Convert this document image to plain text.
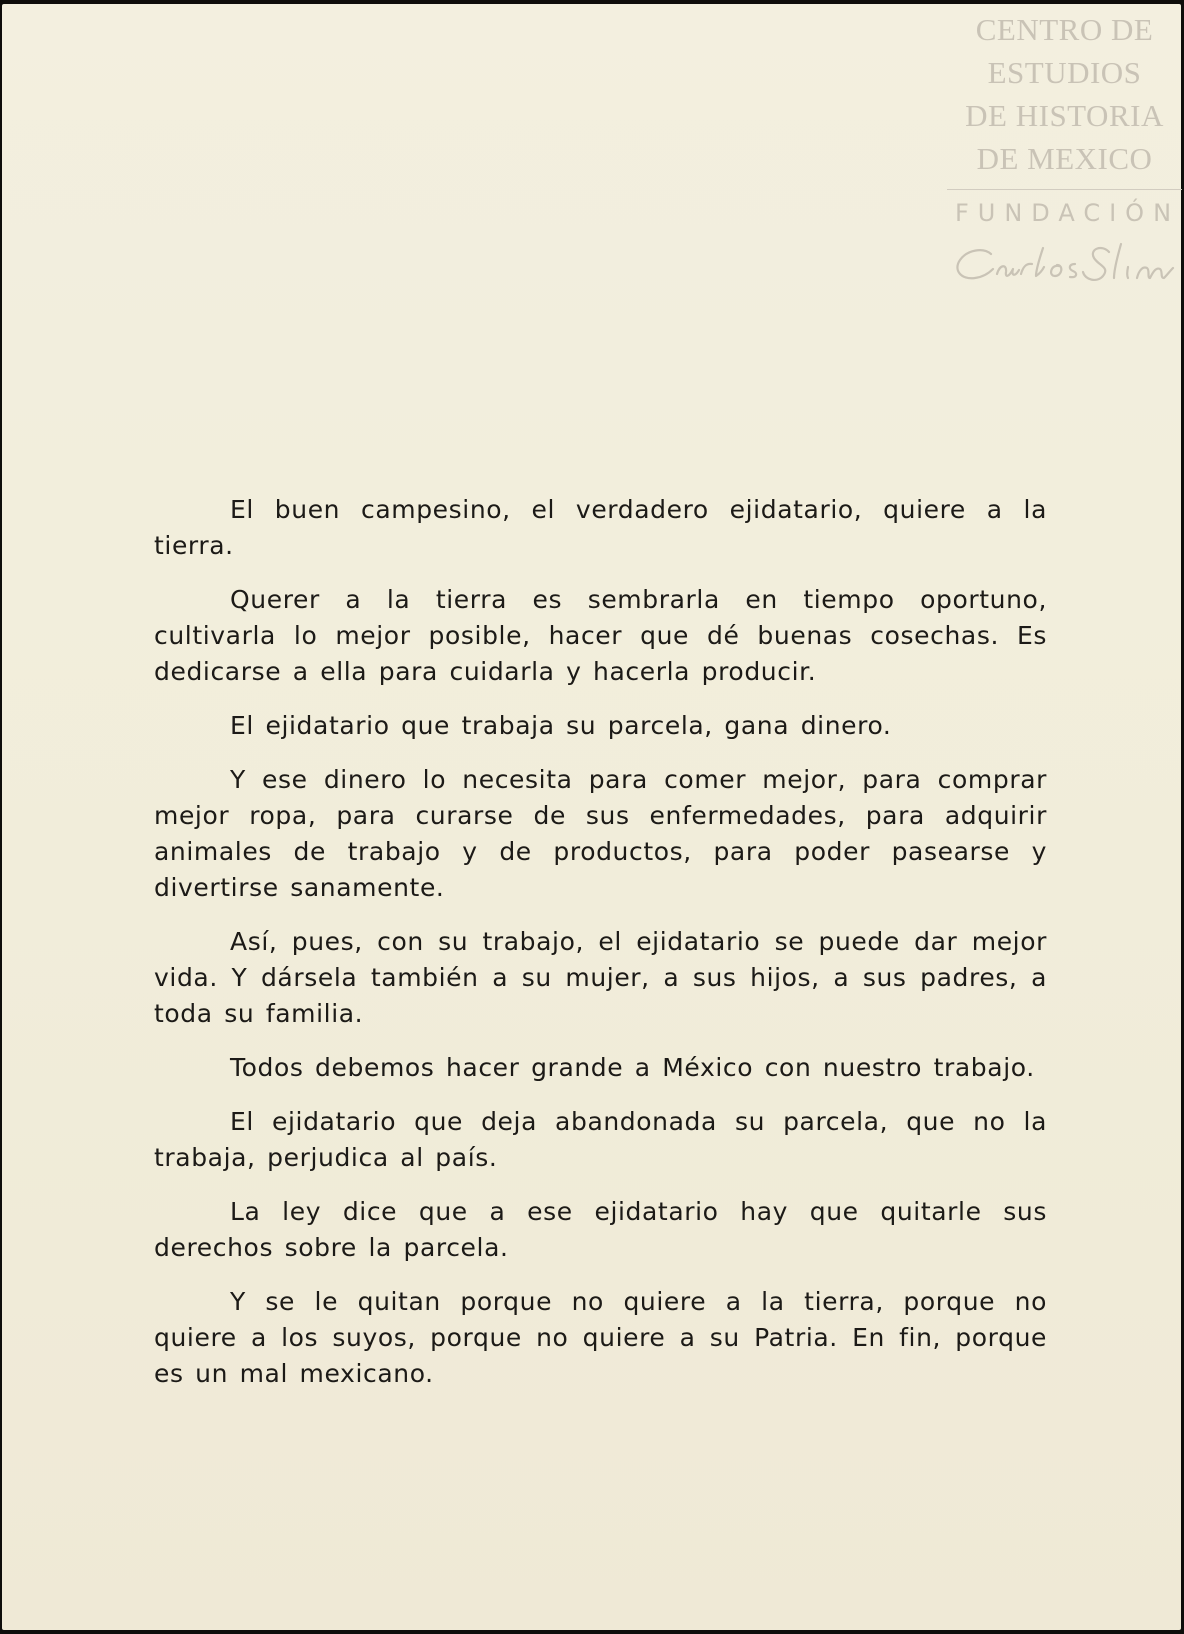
CENTRO DE
ESTUDIOS
DE HISTORIA
DE MEXICO
FUNDACIÓN

El buen campesino, el verdadero ejidatario, quiere a la tierra.

Querer a la tierra es sembrarla en tiempo oportuno, cultivarla lo mejor posible, hacer que dé buenas cosechas. Es dedicarse a ella para cuidarla y hacerla producir.

El ejidatario que trabaja su parcela, gana dinero.

Y ese dinero lo necesita para comer mejor, para comprar mejor ropa, para curarse de sus enfermedades, para adquirir animales de trabajo y de productos, para poder pasearse y divertirse sanamente.

Así, pues, con su trabajo, el ejidatario se puede dar mejor vida. Y dársela también a su mujer, a sus hijos, a sus padres, a toda su familia.

Todos debemos hacer grande a México con nuestro trabajo.

El ejidatario que deja abandonada su parcela, que no la trabaja, perjudica al país.

La ley dice que a ese ejidatario hay que quitarle sus derechos sobre la parcela.

Y se le quitan porque no quiere a la tierra, porque no quiere a los suyos, porque no quiere a su Patria. En fin, porque es un mal mexicano.
